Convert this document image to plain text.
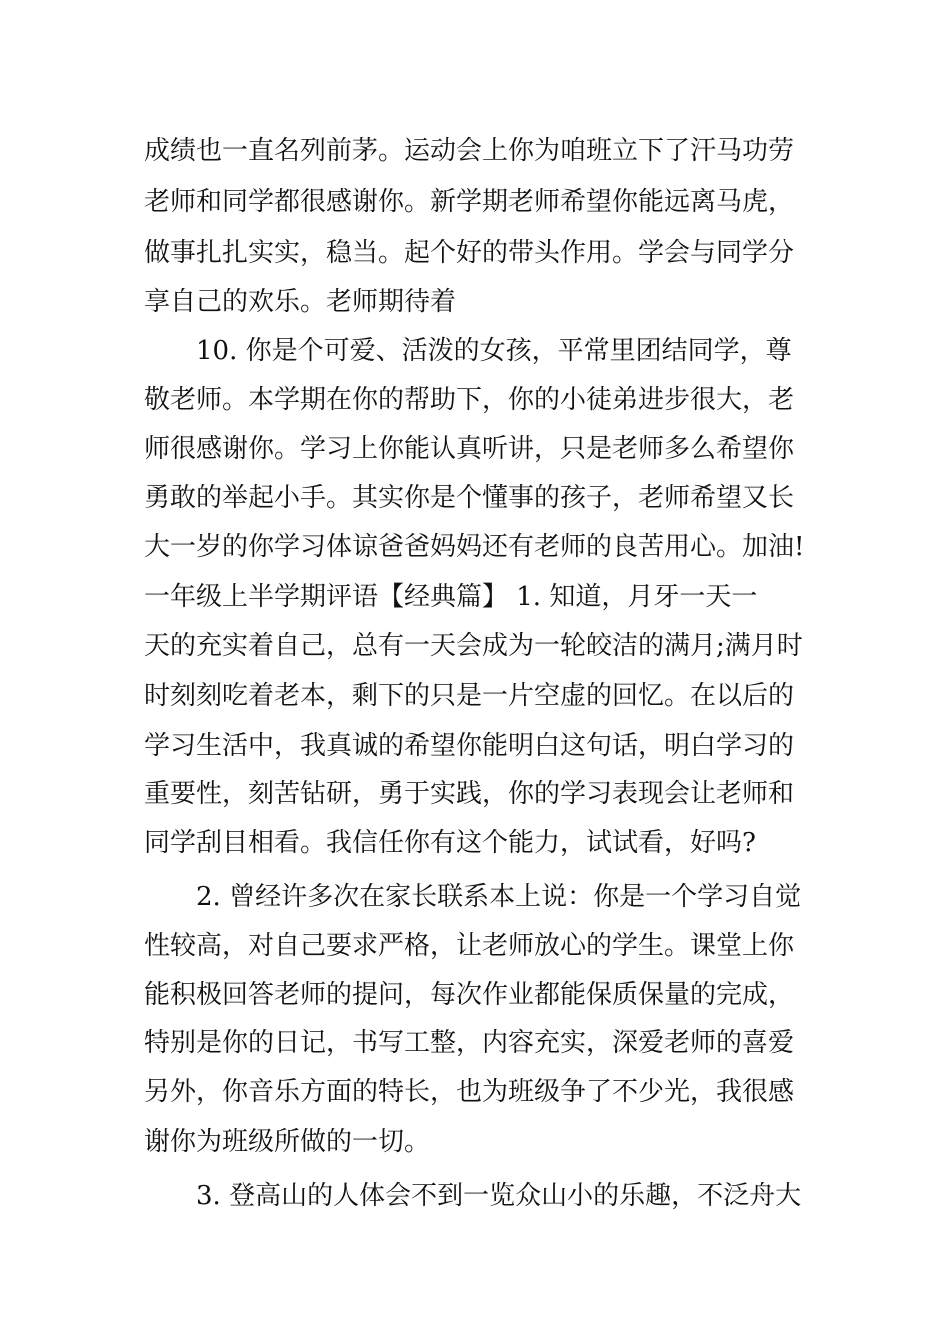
成绩也一直名列前茅。运动会上你为咱班立下了汗马功劳
老师和同学都很感谢你。新学期老师希望你能远离马虎，
做事扎扎实实，稳当。起个好的带头作用。学会与同学分
享自己的欢乐。老师期待着
10. 你是个可爱、活泼的女孩，平常里团结同学，尊
敬老师。本学期在你的帮助下，你的小徒弟进步很大，老
师很感谢你。学习上你能认真听讲，只是老师多么希望你
勇敢的举起小手。其实你是个懂事的孩子，老师希望又长
大一岁的你学习体谅爸爸妈妈还有老师的良苦用心。加油!
一年级上半学期评语【经典篇】 1. 知道，月牙一天一
天的充实着自己，总有一天会成为一轮皎洁的满月;满月时
时刻刻吃着老本，剩下的只是一片空虚的回忆。在以后的
学习生活中，我真诚的希望你能明白这句话，明白学习的
重要性，刻苦钻研，勇于实践，你的学习表现会让老师和
同学刮目相看。我信任你有这个能力，试试看，好吗?
2. 曾经许多次在家长联系本上说：你是一个学习自觉
性较高，对自己要求严格，让老师放心的学生。课堂上你
能积极回答老师的提问，每次作业都能保质保量的完成，
特别是你的日记，书写工整，内容充实，深爱老师的喜爱
另外，你音乐方面的特长，也为班级争了不少光，我很感
谢你为班级所做的一切。
3. 登高山的人体会不到一览众山小的乐趣，不泛舟大
